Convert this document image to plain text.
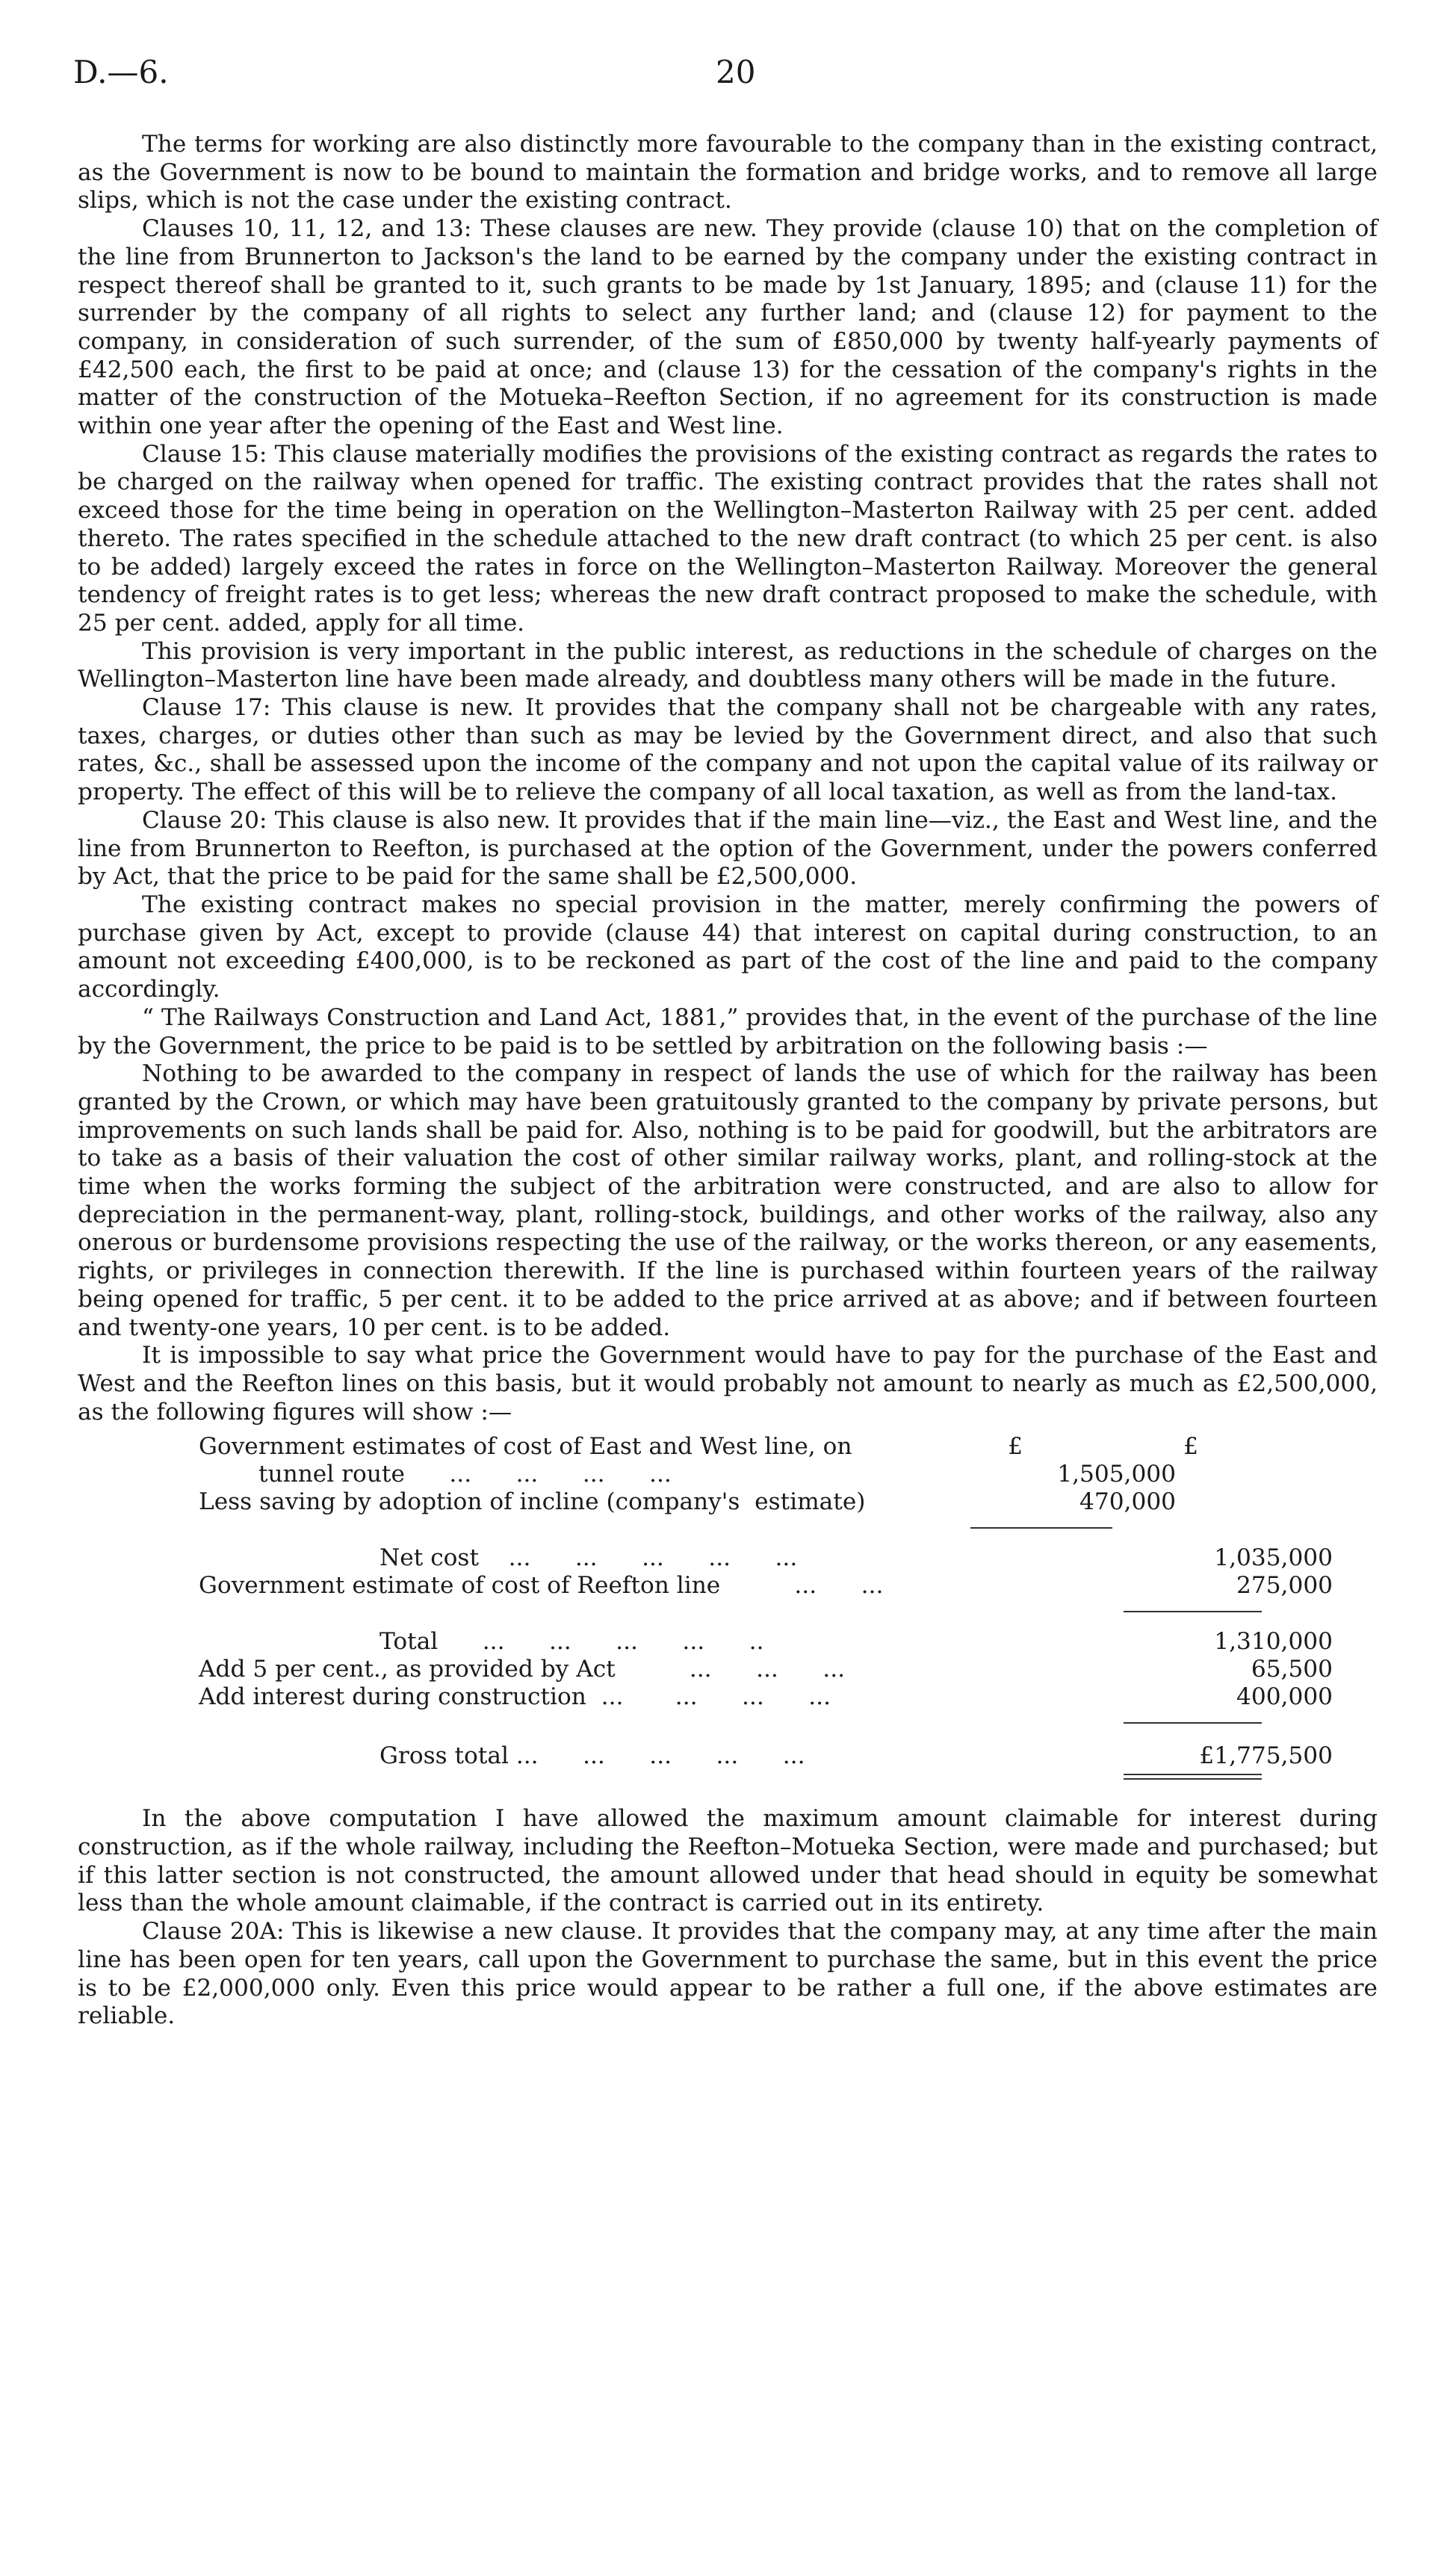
D.—6.	20

The terms for working are also distinctly more favourable to the company than in the existing contract, as the Government is now to be bound to maintain the formation and bridge works, and to remove all large slips, which is not the case under the existing contract.

Clauses 10, 11, 12, and 13: These clauses are new. They provide (clause 10) that on the completion of the line from Brunnerton to Jackson's the land to be earned by the company under the existing contract in respect thereof shall be granted to it, such grants to be made by 1st January, 1895; and (clause 11) for the surrender by the company of all rights to select any further land; and (clause 12) for payment to the company, in consideration of such surrender, of the sum of £850,000 by twenty half-yearly payments of £42,500 each, the first to be paid at once; and (clause 13) for the cessation of the company's rights in the matter of the construction of the Motueka–Reefton Section, if no agreement for its construction is made within one year after the opening of the East and West line.

Clause 15: This clause materially modifies the provisions of the existing contract as regards the rates to be charged on the railway when opened for traffic. The existing contract provides that the rates shall not exceed those for the time being in operation on the Wellington–Masterton Railway with 25 per cent. added thereto. The rates specified in the schedule attached to the new draft contract (to which 25 per cent. is also to be added) largely exceed the rates in force on the Wellington–Masterton Railway. Moreover the general tendency of freight rates is to get less; whereas the new draft contract proposed to make the schedule, with 25 per cent. added, apply for all time.

This provision is very important in the public interest, as reductions in the schedule of charges on the Wellington–Masterton line have been made already, and doubtless many others will be made in the future.

Clause 17: This clause is new. It provides that the company shall not be chargeable with any rates, taxes, charges, or duties other than such as may be levied by the Government direct, and also that such rates, &c., shall be assessed upon the income of the company and not upon the capital value of its railway or property. The effect of this will be to relieve the company of all local taxation, as well as from the land-tax.

Clause 20: This clause is also new. It provides that if the main line—viz., the East and West line, and the line from Brunnerton to Reefton, is purchased at the option of the Government, under the powers conferred by Act, that the price to be paid for the same shall be £2,500,000.

The existing contract makes no special provision in the matter, merely confirming the powers of purchase given by Act, except to provide (clause 44) that interest on capital during construction, to an amount not exceeding £400,000, is to be reckoned as part of the cost of the line and paid to the company accordingly.

“ The Railways Construction and Land Act, 1881,” provides that, in the event of the purchase of the line by the Government, the price to be paid is to be settled by arbitration on the following basis :—

Nothing to be awarded to the company in respect of lands the use of which for the railway has been granted by the Crown, or which may have been gratuitously granted to the company by private persons, but improvements on such lands shall be paid for. Also, nothing is to be paid for goodwill, but the arbitrators are to take as a basis of their valuation the cost of other similar railway works, plant, and rolling-stock at the time when the works forming the subject of the arbitration were constructed, and are also to allow for depreciation in the permanent-way, plant, rolling-stock, buildings, and other works of the railway, also any onerous or burdensome provisions respecting the use of the railway, or the works thereon, or any easements, rights, or privileges in connection therewith. If the line is purchased within fourteen years of the railway being opened for traffic, 5 per cent. it to be added to the price arrived at as above; and if between fourteen and twenty-one years, 10 per cent. is to be added.

It is impossible to say what price the Government would have to pay for the purchase of the East and West and the Reefton lines on this basis, but it would probably not amount to nearly as much as £2,500,000, as the following figures will show :—

£	£
Government estimates of cost of East and West line, on
tunnel route      ...      ...      ...      ...	1,505,000
Less saving by adoption of incline (company's  estimate)	470,000
Net cost    ...      ...      ...      ...      ...	1,035,000
Government estimate of cost of Reefton line          ...      ...	275,000
Total      ...      ...      ...      ...      ..	1,310,000
Add 5 per cent., as provided by Act          ...      ...      ...	65,500
Add interest during construction  ...       ...      ...      ...	400,000
Gross total ...      ...      ...      ...      ...	£1,775,500

In the above computation I have allowed the maximum amount claimable for interest during construction, as if the whole railway, including the Reefton–Motueka Section, were made and purchased; but if this latter section is not constructed, the amount allowed under that head should in equity be somewhat less than the whole amount claimable, if the contract is carried out in its entirety.

Clause 20A: This is likewise a new clause. It provides that the company may, at any time after the main line has been open for ten years, call upon the Government to purchase the same, but in this event the price is to be £2,000,000 only. Even this price would appear to be rather a full one, if the above estimates are reliable.
